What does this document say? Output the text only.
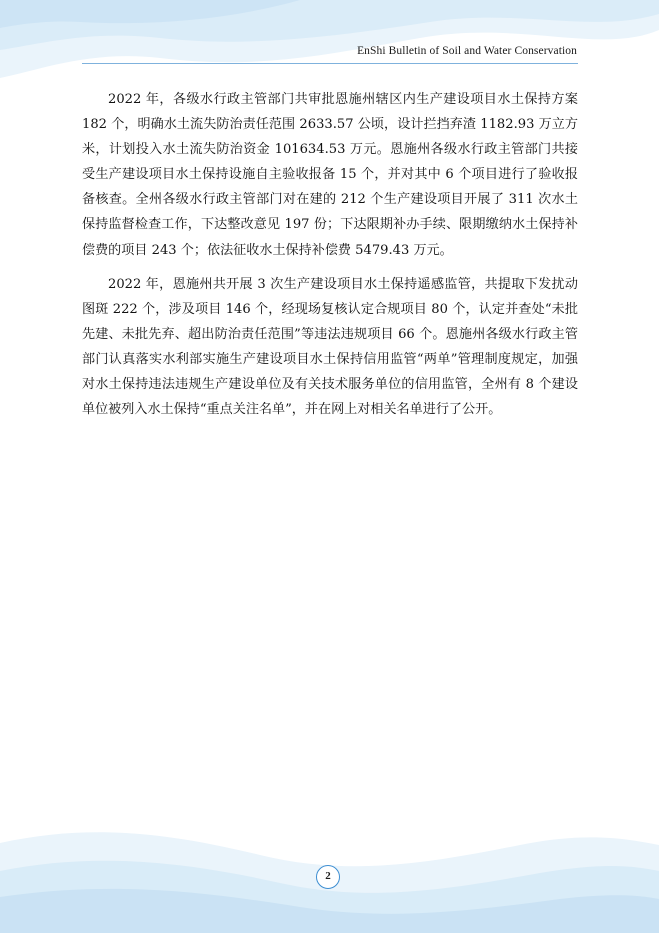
EnShi Bulletin of Soil and Water Conservation

2022 年，各级水行政主管部门共审批恩施州辖区内生产建设项目水土保持方案 182 个，明确水土流失防治责任范围 2633.57 公顷，设计拦挡弃渣 1182.93 万立方米，计划投入水土流失防治资金 101634.53 万元。恩施州各级水行政主管部门共接受生产建设项目水土保持设施自主验收报备 15 个，并对其中 6 个项目进行了验收报备核查。全州各级水行政主管部门对在建的 212 个生产建设项目开展了 311 次水土保持监督检查工作，下达整改意见 197 份；下达限期补办手续、限期缴纳水土保持补偿费的项目 243 个；依法征收水土保持补偿费 5479.43 万元。

2022 年，恩施州共开展 3 次生产建设项目水土保持遥感监管，共提取下发扰动图斑 222 个，涉及项目 146 个，经现场复核认定合规项目 80 个，认定并查处“未批先建、未批先弃、超出防治责任范围”等违法违规项目 66 个。恩施州各级水行政主管部门认真落实水利部实施生产建设项目水土保持信用监管“两单”管理制度规定，加强对水土保持违法违规生产建设单位及有关技术服务单位的信用监管，全州有 8 个建设单位被列入水土保持“重点关注名单”，并在网上对相关名单进行了公开。

2
